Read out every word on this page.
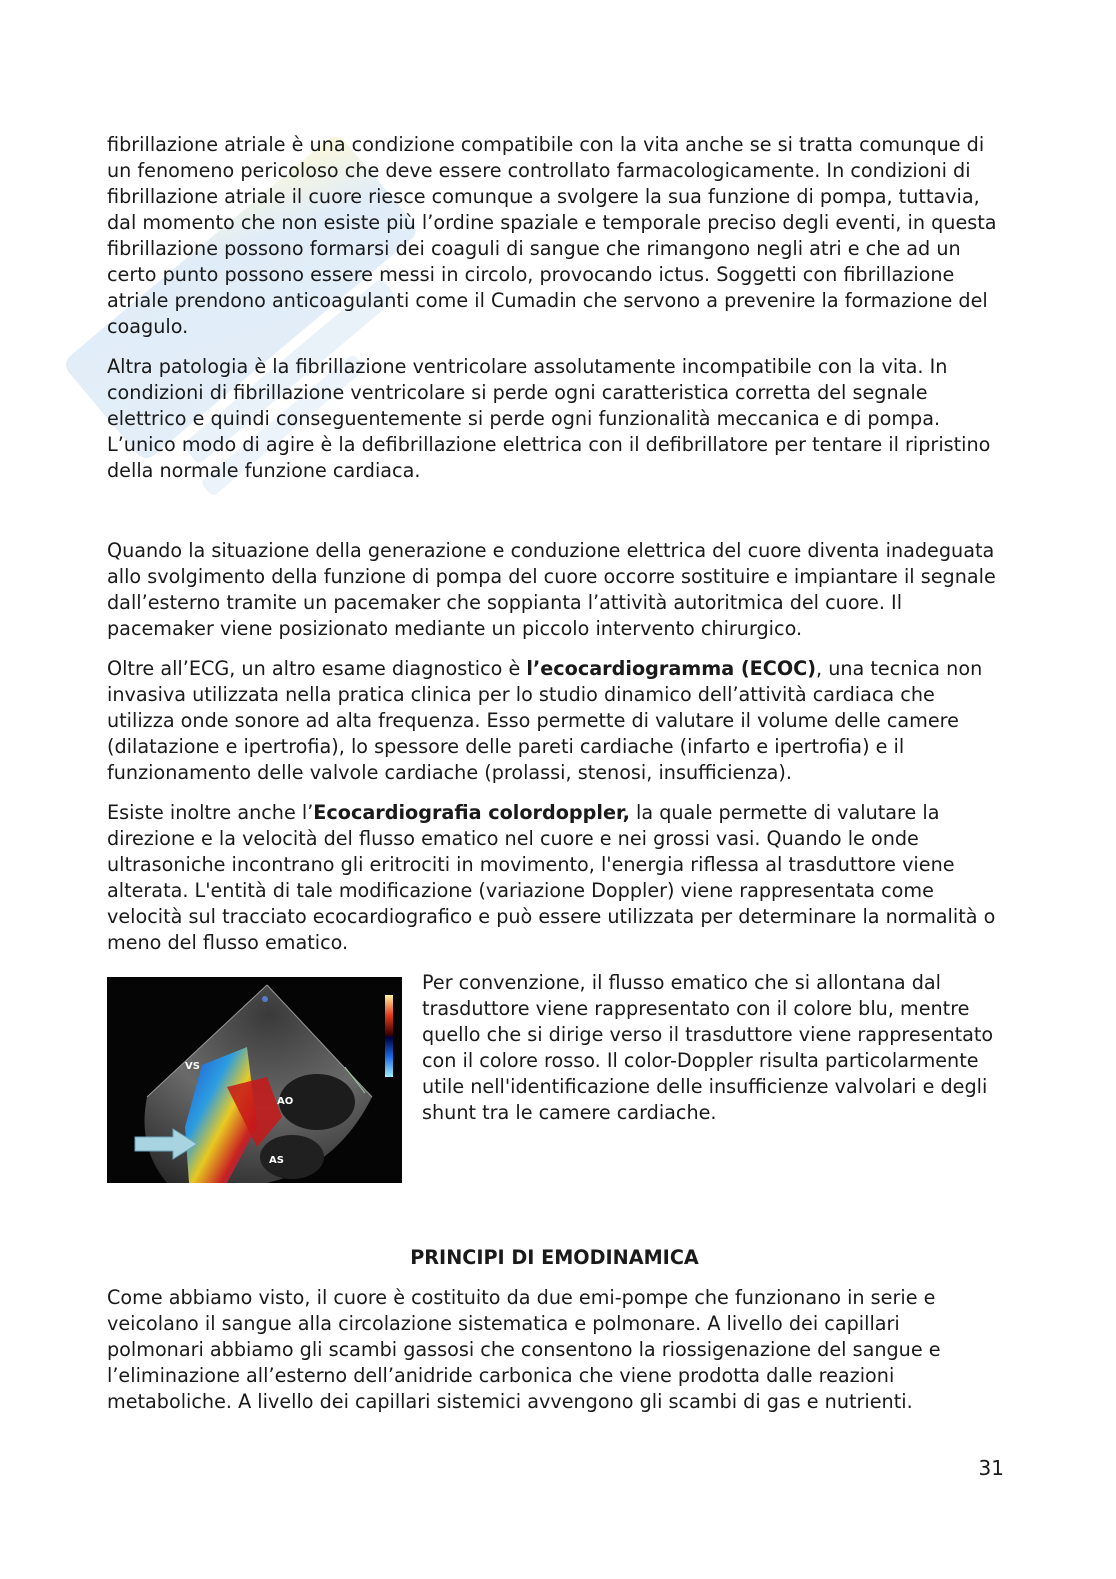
fibrillazione atriale è una condizione compatibile con la vita anche se si tratta comunque di un fenomeno pericoloso che deve essere controllato farmacologicamente. In condizioni di fibrillazione atriale il cuore riesce comunque a svolgere la sua funzione di pompa, tuttavia, dal momento che non esiste più l’ordine spaziale e temporale preciso degli eventi, in questa fibrillazione possono formarsi dei coaguli di sangue che rimangono negli atri e che ad un certo punto possono essere messi in circolo, provocando ictus. Soggetti con fibrillazione atriale prendono anticoagulanti come il Cumadin che servono a prevenire la formazione del coagulo.

Altra patologia è la fibrillazione ventricolare assolutamente incompatibile con la vita. In condizioni di fibrillazione ventricolare si perde ogni caratteristica corretta del segnale elettrico e quindi conseguentemente si perde ogni funzionalità meccanica e di pompa. L’unico modo di agire è la defibrillazione elettrica con il defibrillatore per tentare il ripristino della normale funzione cardiaca.

Quando la situazione della generazione e conduzione elettrica del cuore diventa inadeguata allo svolgimento della funzione di pompa del cuore occorre sostituire e impiantare il segnale dall’esterno tramite un pacemaker che soppianta l’attività autoritmica del cuore. Il pacemaker viene posizionato mediante un piccolo intervento chirurgico.

Oltre all’ECG, un altro esame diagnostico è l’ecocardiogramma (ECOC), una tecnica non invasiva utilizzata nella pratica clinica per lo studio dinamico dell’attività cardiaca che utilizza onde sonore ad alta frequenza. Esso permette di valutare il volume delle camere (dilatazione e ipertrofia), lo spessore delle pareti cardiache (infarto e ipertrofia) e il funzionamento delle valvole cardiache (prolassi, stenosi, insufficienza).

Esiste inoltre anche l’Ecocardiografia colordoppler, la quale permette di valutare la direzione e la velocità del flusso ematico nel cuore e nei grossi vasi. Quando le onde ultrasoniche incontrano gli eritrociti in movimento, l'energia riflessa al trasduttore viene alterata. L'entità di tale modificazione (variazione Doppler) viene rappresentata come velocità sul tracciato ecocardiografico e può essere utilizzata per determinare la normalità o meno del flusso ematico.

VS
AO
AS

Per convenzione, il flusso ematico che si allontana dal trasduttore viene rappresentato con il colore blu, mentre quello che si dirige verso il trasduttore viene rappresentato con il colore rosso. Il color-Doppler risulta particolarmente utile nell'identificazione delle insufficienze valvolari e degli shunt tra le camere cardiache.

PRINCIPI DI EMODINAMICA

Come abbiamo visto, il cuore è costituito da due emi-pompe che funzionano in serie e veicolano il sangue alla circolazione sistematica e polmonare. A livello dei capillari polmonari abbiamo gli scambi gassosi che consentono la riossigenazione del sangue e l’eliminazione all’esterno dell’anidride carbonica che viene prodotta dalle reazioni metaboliche. A livello dei capillari sistemici avvengono gli scambi di gas e nutrienti.

31
